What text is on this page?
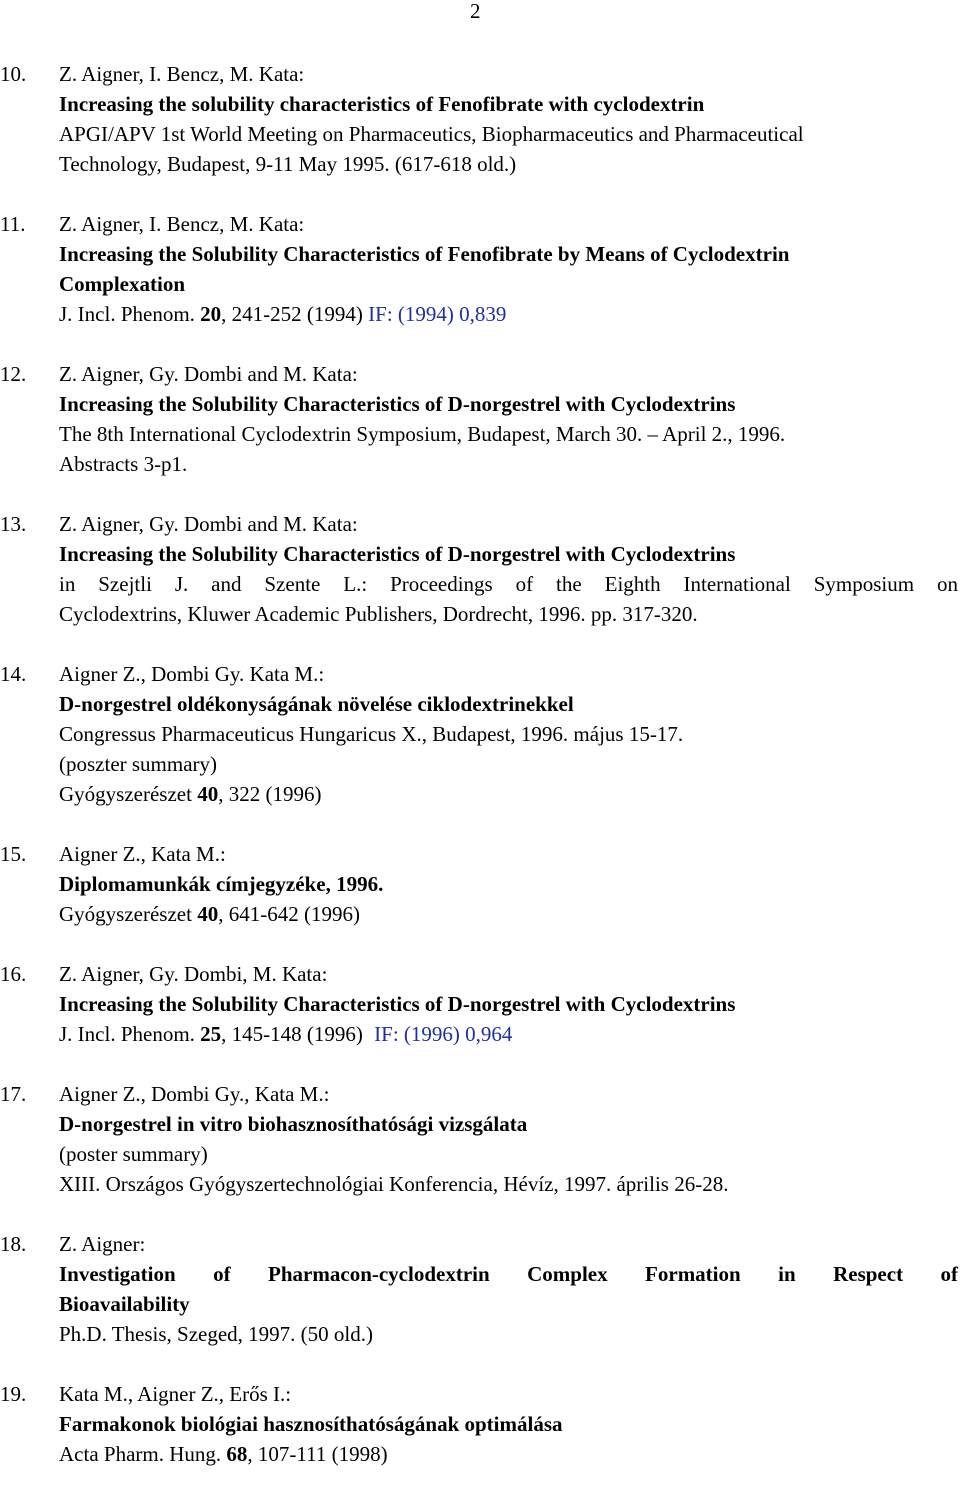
2
10. Z. Aigner, I. Bencz, M. Kata:
Increasing the solubility characteristics of Fenofibrate with cyclodextrin
APGI/APV 1st World Meeting on Pharmaceutics, Biopharmaceutics and Pharmaceutical
Technology, Budapest, 9-11 May 1995. (617-618 old.)
11. Z. Aigner, I. Bencz, M. Kata:
Increasing the Solubility Characteristics of Fenofibrate by Means of Cyclodextrin
Complexation
J. Incl. Phenom. 20, 241-252 (1994) IF: (1994) 0,839
12. Z. Aigner, Gy. Dombi and M. Kata:
Increasing the Solubility Characteristics of D-norgestrel with Cyclodextrins
The 8th International Cyclodextrin Symposium, Budapest, March 30. – April 2., 1996.
Abstracts 3-p1.
13. Z. Aigner, Gy. Dombi and M. Kata:
Increasing the Solubility Characteristics of D-norgestrel with Cyclodextrins
in Szejtli J. and Szente L.: Proceedings of the Eighth International Symposium on
Cyclodextrins, Kluwer Academic Publishers, Dordrecht, 1996. pp. 317-320.
14. Aigner Z., Dombi Gy. Kata M.:
D-norgestrel oldékonyságának növelése ciklodextrinekkel
Congressus Pharmaceuticus Hungaricus X., Budapest, 1996. május 15-17.
(poszter summary)
Gyógyszerészet 40, 322 (1996)
15. Aigner Z., Kata M.:
Diplomamunkák címjegyzéke, 1996.
Gyógyszerészet 40, 641-642 (1996)
16. Z. Aigner, Gy. Dombi, M. Kata:
Increasing the Solubility Characteristics of D-norgestrel with Cyclodextrins
J. Incl. Phenom. 25, 145-148 (1996) IF: (1996) 0,964
17. Aigner Z., Dombi Gy., Kata M.:
D-norgestrel in vitro biohasznosíthatósági vizsgálata
(poster summary)
XIII. Országos Gyógyszertechnológiai Konferencia, Hévíz, 1997. április 26-28.
18. Z. Aigner:
Investigation of Pharmacon-cyclodextrin Complex Formation in Respect of
Bioavailability
Ph.D. Thesis, Szeged, 1997. (50 old.)
19. Kata M., Aigner Z., Erős I.:
Farmakonok biológiai hasznosíthatóságának optimálása
Acta Pharm. Hung. 68, 107-111 (1998)
